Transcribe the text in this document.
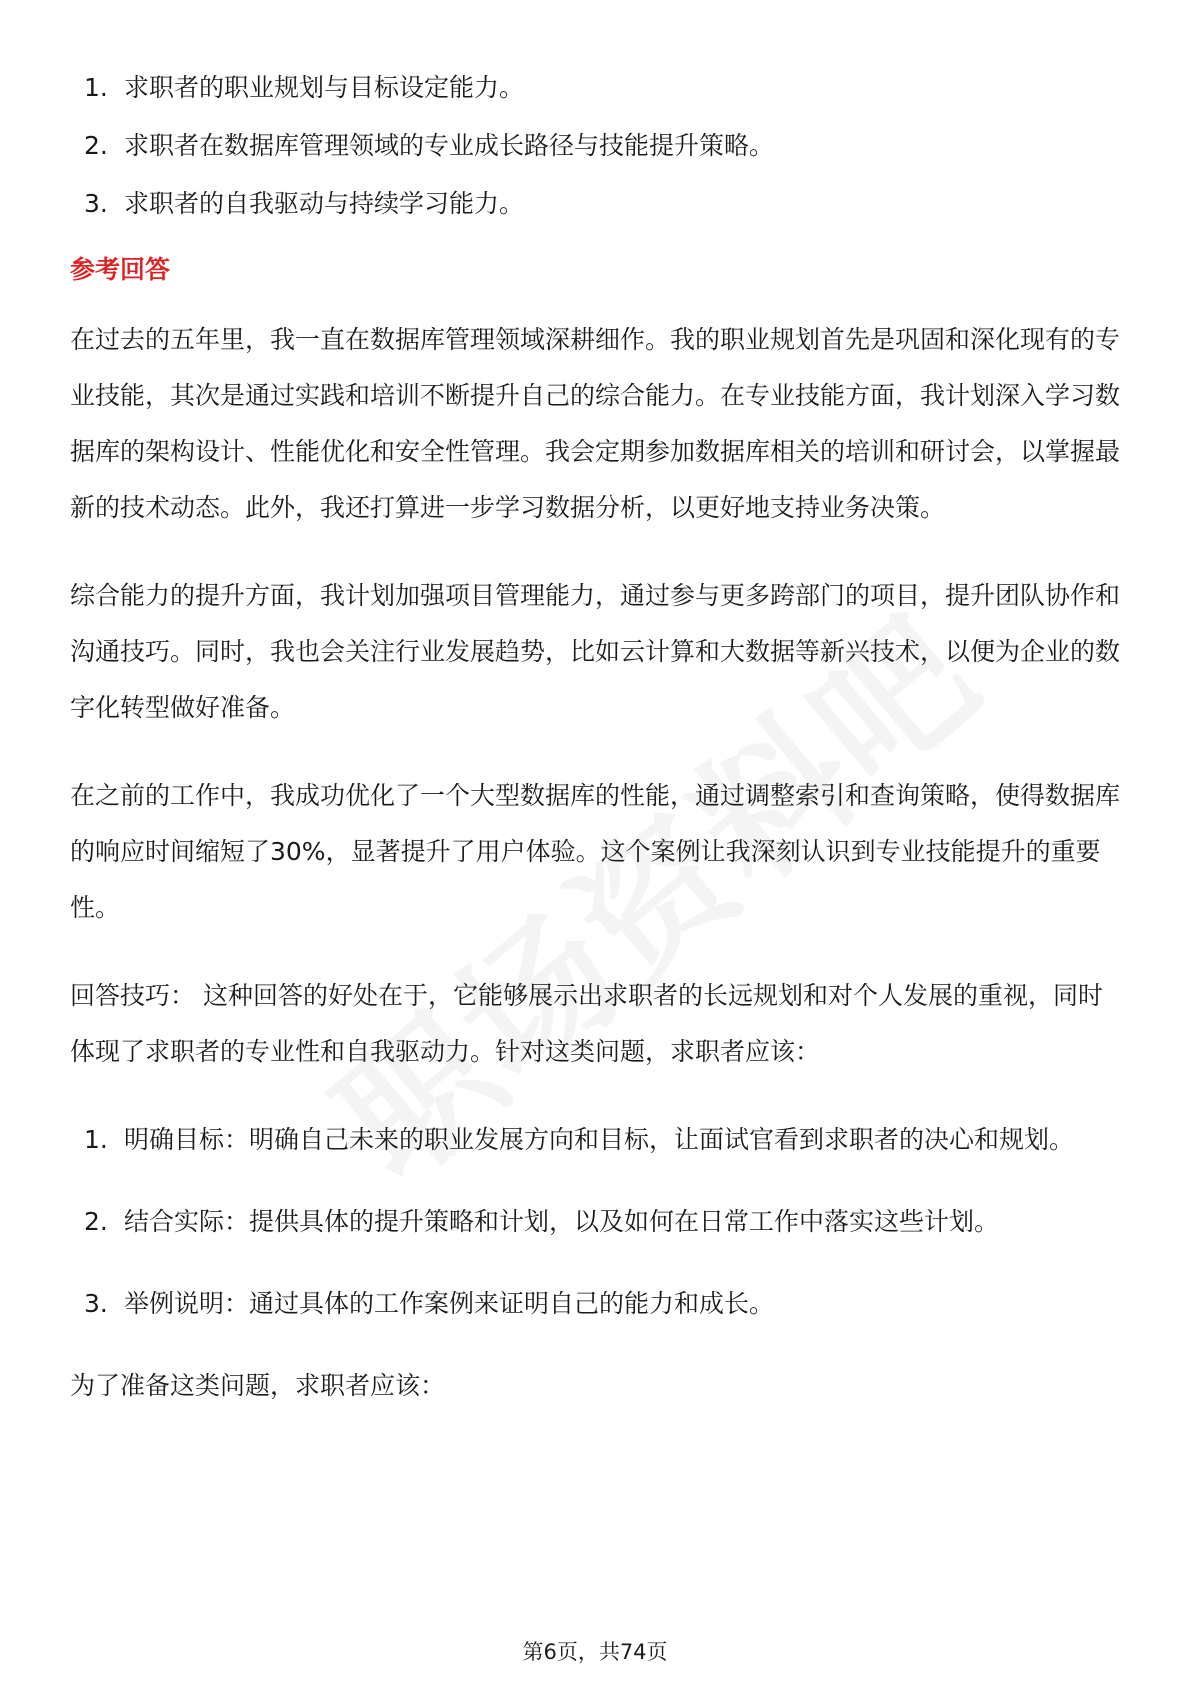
1. 求职者的职业规划与目标设定能力。
2. 求职者在数据库管理领域的专业成长路径与技能提升策略。
3. 求职者的自我驱动与持续学习能力。
参考回答

在过去的五年里，我一直在数据库管理领域深耕细作。我的职业规划首先是巩固和深化现有的专业技能，其次是通过实践和培训不断提升自己的综合能力。在专业技能方面，我计划深入学习数据库的架构设计、性能优化和安全性管理。我会定期参加数据库相关的培训和研讨会，以掌握最新的技术动态。此外，我还打算进一步学习数据分析，以更好地支持业务决策。

综合能力的提升方面，我计划加强项目管理能力，通过参与更多跨部门的项目，提升团队协作和沟通技巧。同时，我也会关注行业发展趋势，比如云计算和大数据等新兴技术，以便为企业的数字化转型做好准备。

在之前的工作中，我成功优化了一个大型数据库的性能，通过调整索引和查询策略，使得数据库的响应时间缩短了30%，显著提升了用户体验。这个案例让我深刻认识到专业技能提升的重要性。

回答技巧： 这种回答的好处在于，它能够展示出求职者的长远规划和对个人发展的重视，同时体现了求职者的专业性和自我驱动力。针对这类问题，求职者应该：

1. 明确目标：明确自己未来的职业发展方向和目标，让面试官看到求职者的决心和规划。
2. 结合实际：提供具体的提升策略和计划，以及如何在日常工作中落实这些计划。
3. 举例说明：通过具体的工作案例来证明自己的能力和成长。

为了准备这类问题，求职者应该：

第6页，共74页
